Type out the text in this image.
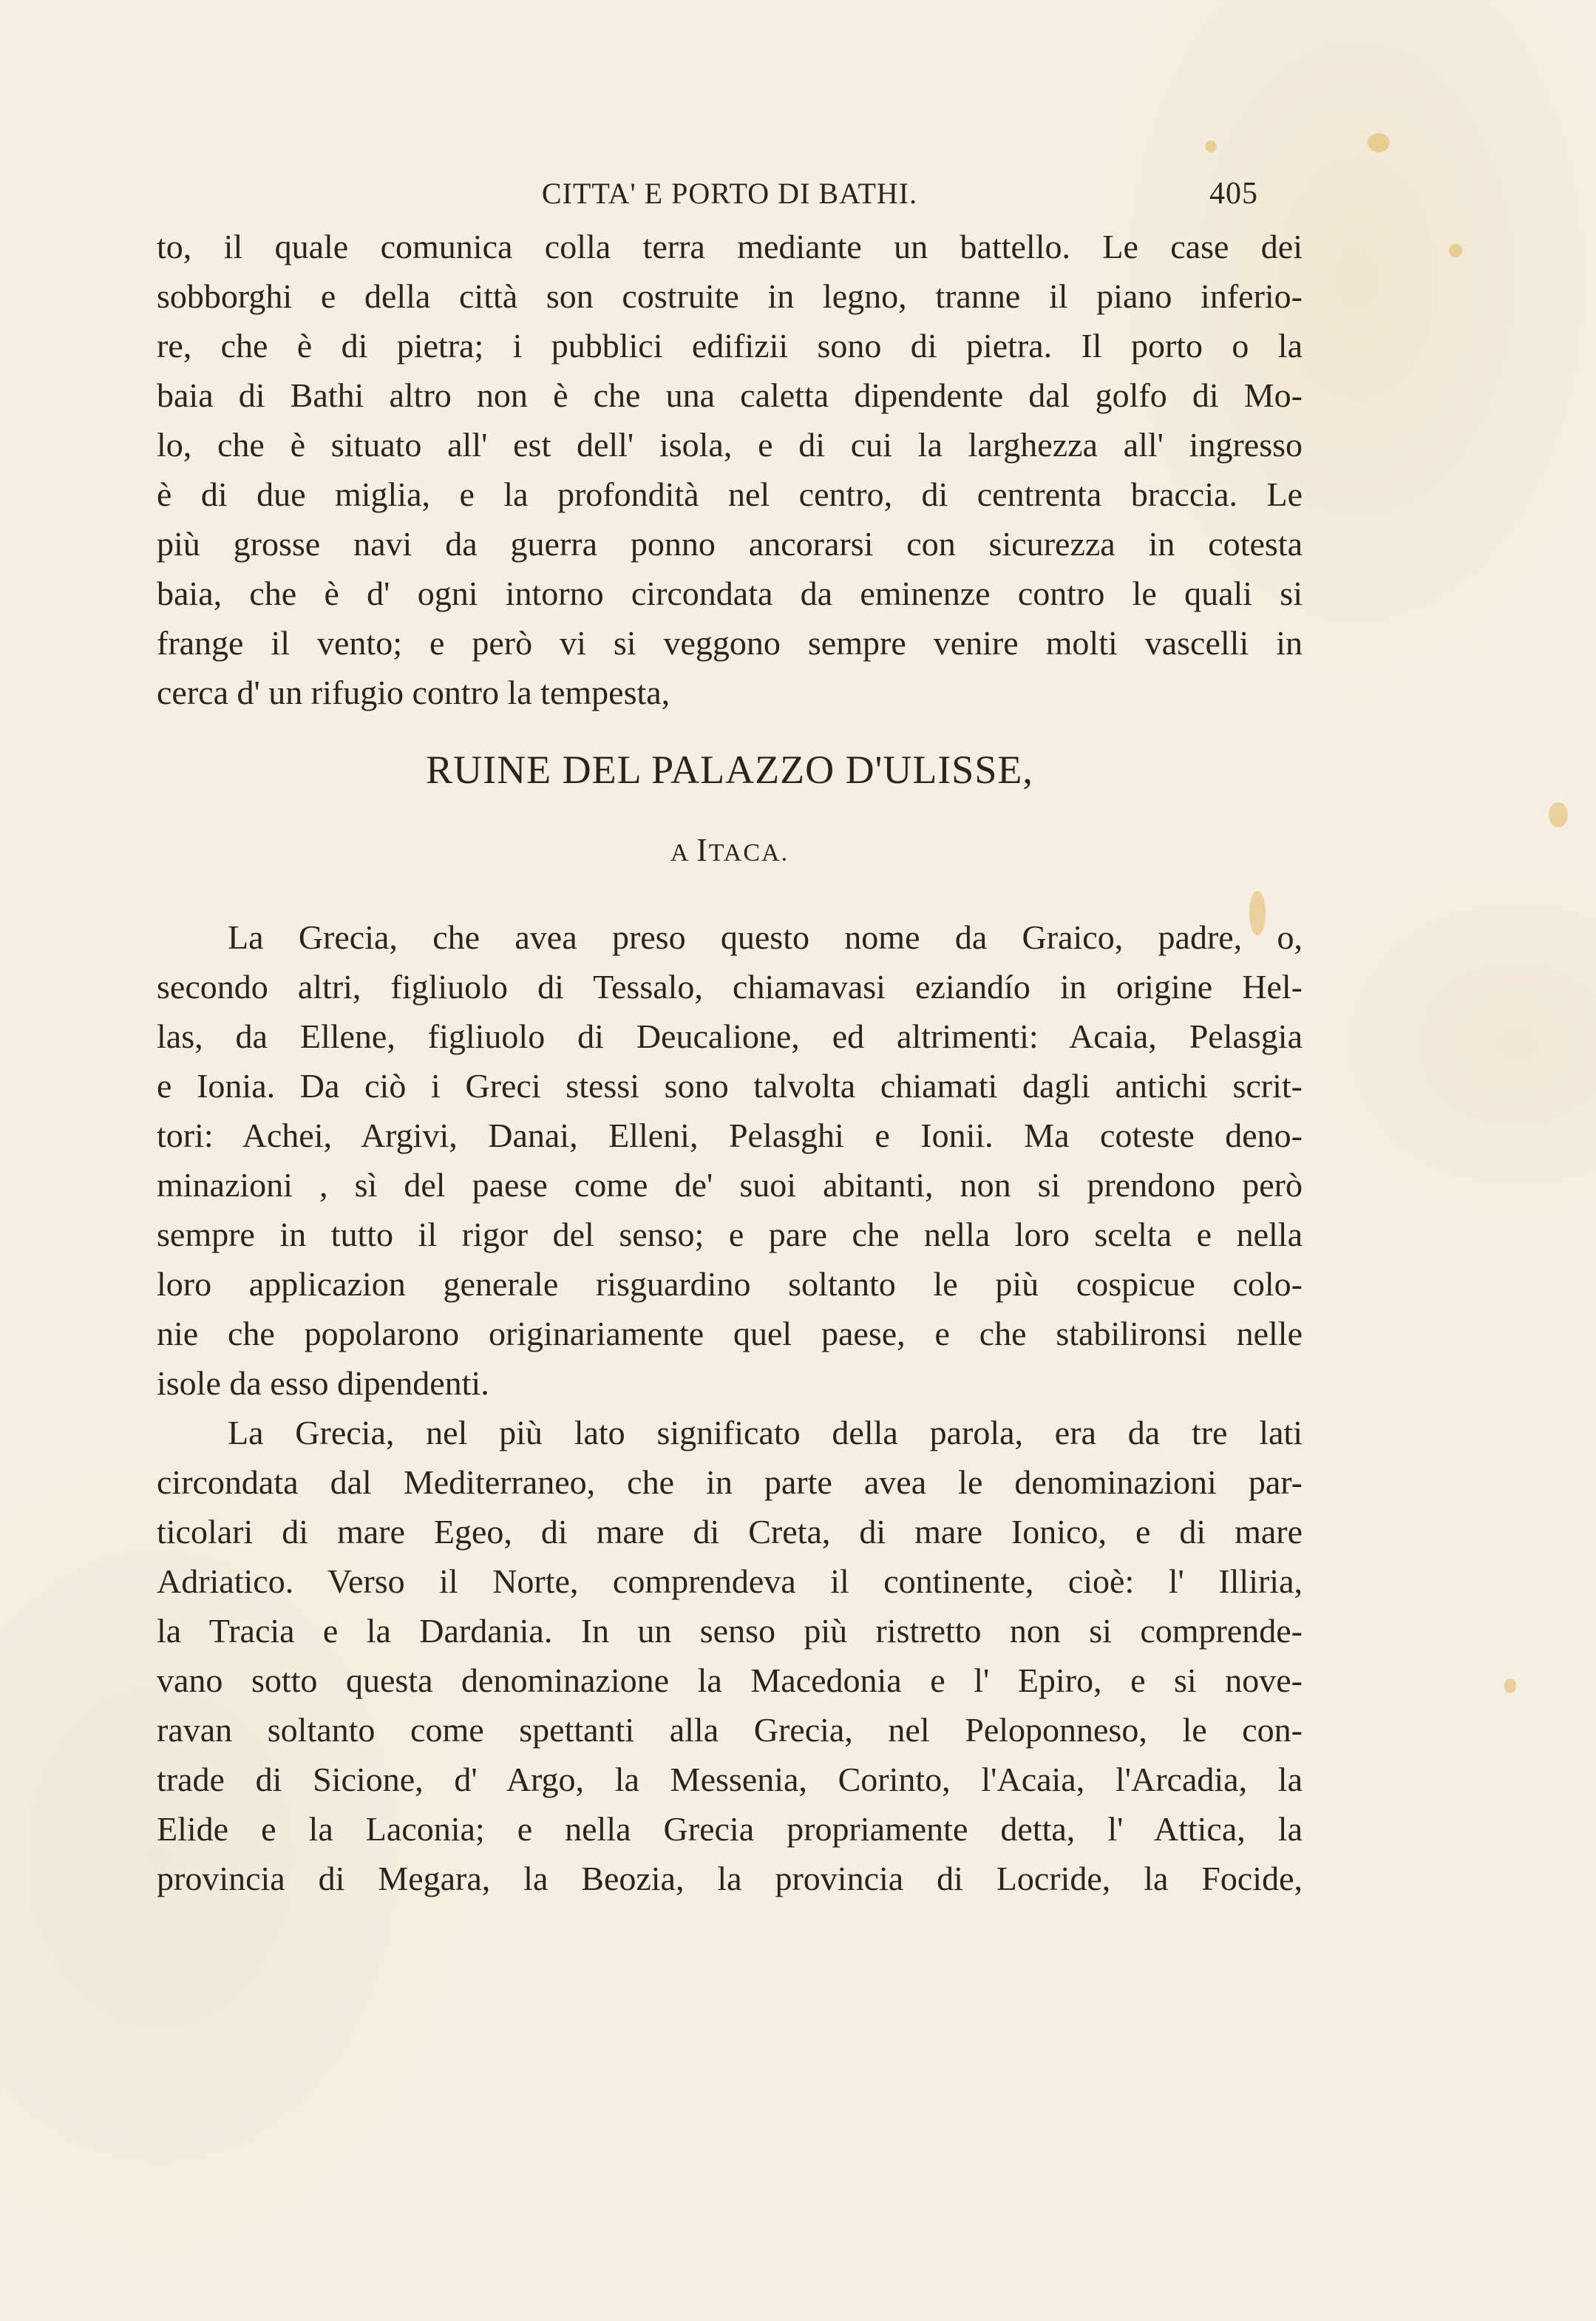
CITTA' E PORTO DI BATHI.	405
to, il quale comunica colla terra mediante un battello. Le case dei
sobborghi e della città son costruite in legno, tranne il piano inferio-
re, che è di pietra; i pubblici edifizii sono di pietra. Il porto o la
baia di Bathi altro non è che una caletta dipendente dal golfo di Mo-
lo, che è situato all' est dell' isola, e di cui la larghezza all' ingresso
è di due miglia, e la profondità nel centro, di centrenta braccia. Le
più grosse navi da guerra ponno ancorarsi con sicurezza in cotesta
baia, che è d' ogni intorno circondata da eminenze contro le quali si
frange il vento; e però vi si veggono sempre venire molti vascelli in
cerca d' un rifugio contro la tempesta,
RUINE DEL PALAZZO D'ULISSE,
A ITACA.
La Grecia, che avea preso questo nome da Graico, padre, o,
secondo altri, figliuolo di Tessalo, chiamavasi eziandío in origine Hel-
las, da Ellene, figliuolo di Deucalione, ed altrimenti: Acaia, Pelasgia
e Ionia. Da ciò i Greci stessi sono talvolta chiamati dagli antichi scrit-
tori: Achei, Argivi, Danai, Elleni, Pelasghi e Ionii. Ma coteste deno-
minazioni , sì del paese come de' suoi abitanti, non si prendono però
sempre in tutto il rigor del senso; e pare che nella loro scelta e nella
loro applicazion generale risguardino soltanto le più cospicue colo-
nie che popolarono originariamente quel paese, e che stabilironsi nelle
isole da esso dipendenti.
La Grecia, nel più lato significato della parola, era da tre lati
circondata dal Mediterraneo, che in parte avea le denominazioni par-
ticolari di mare Egeo, di mare di Creta, di mare Ionico, e di mare
Adriatico. Verso il Norte, comprendeva il continente, cioè: l' Illiria,
la Tracia e la Dardania. In un senso più ristretto non si comprende-
vano sotto questa denominazione la Macedonia e l' Epiro, e si nove-
ravan soltanto come spettanti alla Grecia, nel Peloponneso, le con-
trade di Sicione, d' Argo, la Messenia, Corinto, l'Acaia, l'Arcadia, la
Elide e la Laconia; e nella Grecia propriamente detta, l' Attica, la
provincia di Megara, la Beozia, la provincia di Locride, la Focide,
